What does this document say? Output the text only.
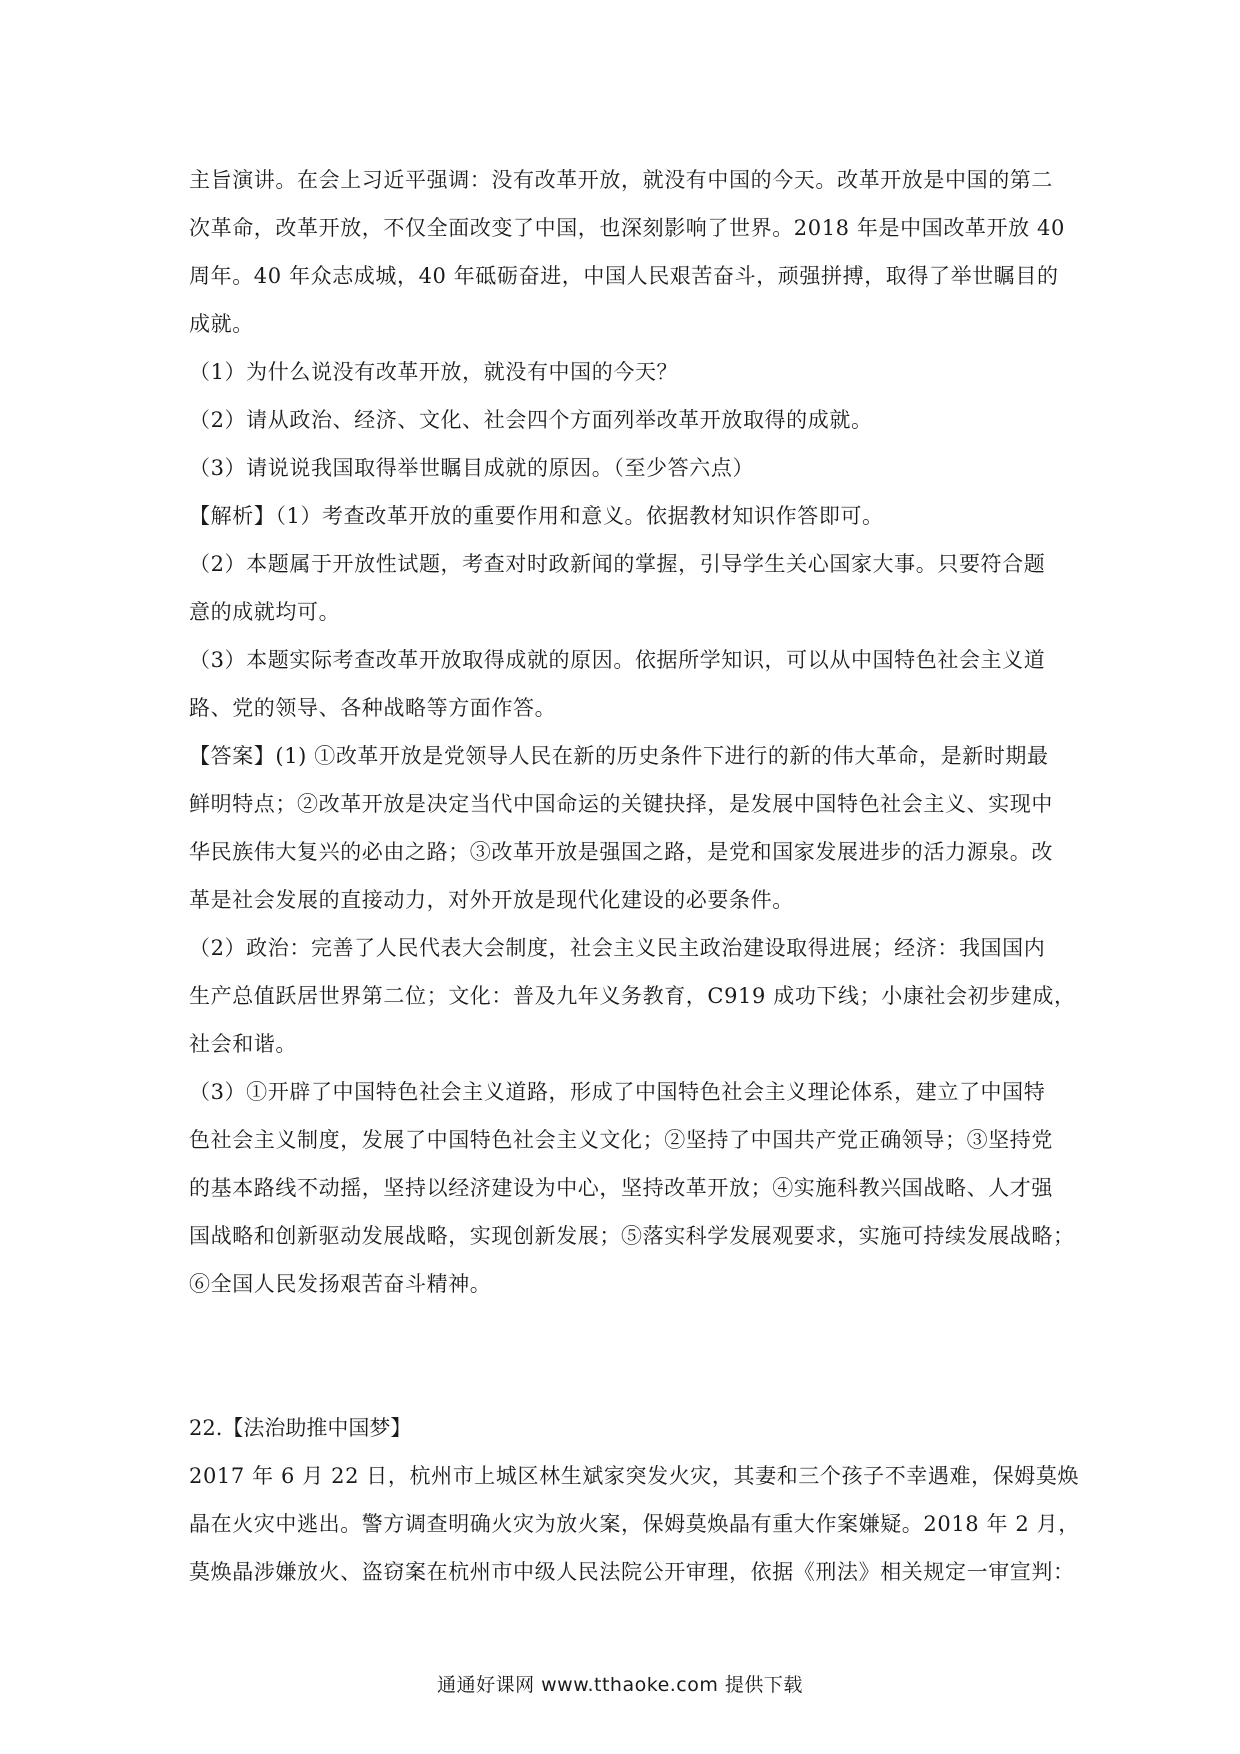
主旨演讲。在会上习近平强调：没有改革开放，就没有中国的今天。改革开放是中国的第二
次革命，改革开放，不仅全面改变了中国，也深刻影响了世界。2018 年是中国改革开放 40
周年。40 年众志成城，40 年砥砺奋进，中国人民艰苦奋斗，顽强拼搏，取得了举世瞩目的
成就。
（1）为什么说没有改革开放，就没有中国的今天？
（2）请从政治、经济、文化、社会四个方面列举改革开放取得的成就。
（3）请说说我国取得举世瞩目成就的原因。（至少答六点）
【解析】（1）考查改革开放的重要作用和意义。依据教材知识作答即可。
（2）本题属于开放性试题，考查对时政新闻的掌握，引导学生关心国家大事。只要符合题
意的成就均可。
（3）本题实际考查改革开放取得成就的原因。依据所学知识，可以从中国特色社会主义道
路、党的领导、各种战略等方面作答。
【答案】(1) ①改革开放是党领导人民在新的历史条件下进行的新的伟大革命，是新时期最
鲜明特点；②改革开放是决定当代中国命运的关键抉择，是发展中国特色社会主义、实现中
华民族伟大复兴的必由之路；③改革开放是强国之路，是党和国家发展进步的活力源泉。改
革是社会发展的直接动力，对外开放是现代化建设的必要条件。
（2）政治：完善了人民代表大会制度，社会主义民主政治建设取得进展；经济：我国国内
生产总值跃居世界第二位；文化：普及九年义务教育，C919 成功下线；小康社会初步建成，
社会和谐。
（3）①开辟了中国特色社会主义道路，形成了中国特色社会主义理论体系，建立了中国特
色社会主义制度，发展了中国特色社会主义文化；②坚持了中国共产党正确领导；③坚持党
的基本路线不动摇，坚持以经济建设为中心，坚持改革开放；④实施科教兴国战略、人才强
国战略和创新驱动发展战略，实现创新发展；⑤落实科学发展观要求，实施可持续发展战略；
⑥全国人民发扬艰苦奋斗精神。
22.【法治助推中国梦】
2017 年 6 月 22 日，杭州市上城区林生斌家突发火灾，其妻和三个孩子不幸遇难，保姆莫焕
晶在火灾中逃出。警方调查明确火灾为放火案，保姆莫焕晶有重大作案嫌疑。2018 年 2 月，
莫焕晶涉嫌放火、盗窃案在杭州市中级人民法院公开审理，依据《刑法》相关规定一审宣判：
通通好课网 www.tthaoke.com 提供下载
